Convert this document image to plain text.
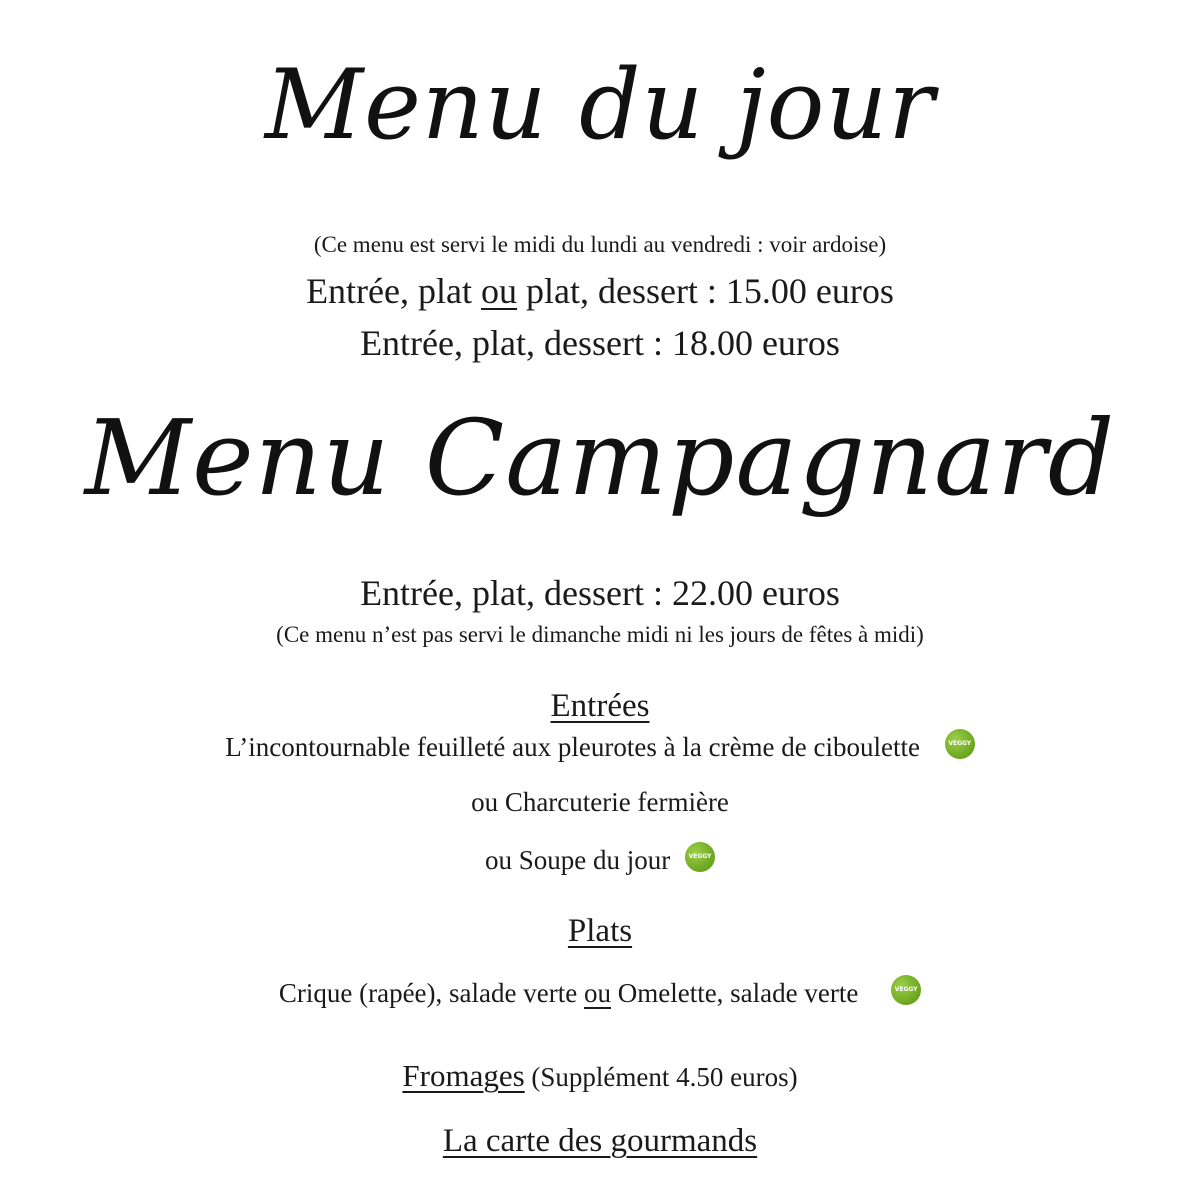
Menu du jour
(Ce menu est servi le midi du lundi au vendredi : voir ardoise)
Entrée, plat ou plat, dessert : 15.00 euros
Entrée, plat, dessert : 18.00 euros
Menu Campagnard
Entrée, plat, dessert : 22.00 euros
(Ce menu n’est pas servi le dimanche midi ni les jours de fêtes à midi)
Entrées
L’incontournable feuilleté aux pleurotes à la crème de ciboulette	VEGGY
ou Charcuterie fermière
ou Soupe du jour	VEGGY
Plats
Crique (rapée), salade verte ou Omelette, salade verte	VEGGY
Fromages (Supplément 4.50 euros)
La carte des gourmands
